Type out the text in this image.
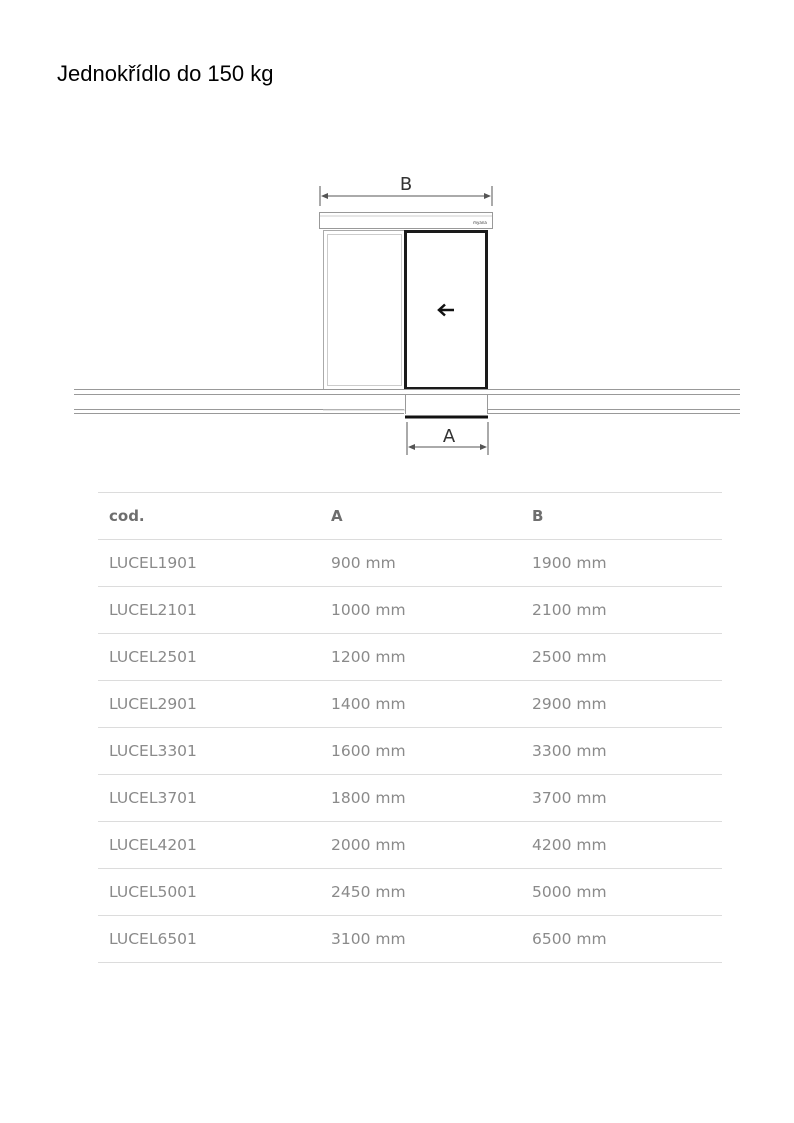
Jednokřídlo do 150 kg
B
myana
A
cod.	A	B
LUCEL1901	900 mm	1900 mm
LUCEL2101	1000 mm	2100 mm
LUCEL2501	1200 mm	2500 mm
LUCEL2901	1400 mm	2900 mm
LUCEL3301	1600 mm	3300 mm
LUCEL3701	1800 mm	3700 mm
LUCEL4201	2000 mm	4200 mm
LUCEL5001	2450 mm	5000 mm
LUCEL6501	3100 mm	6500 mm
